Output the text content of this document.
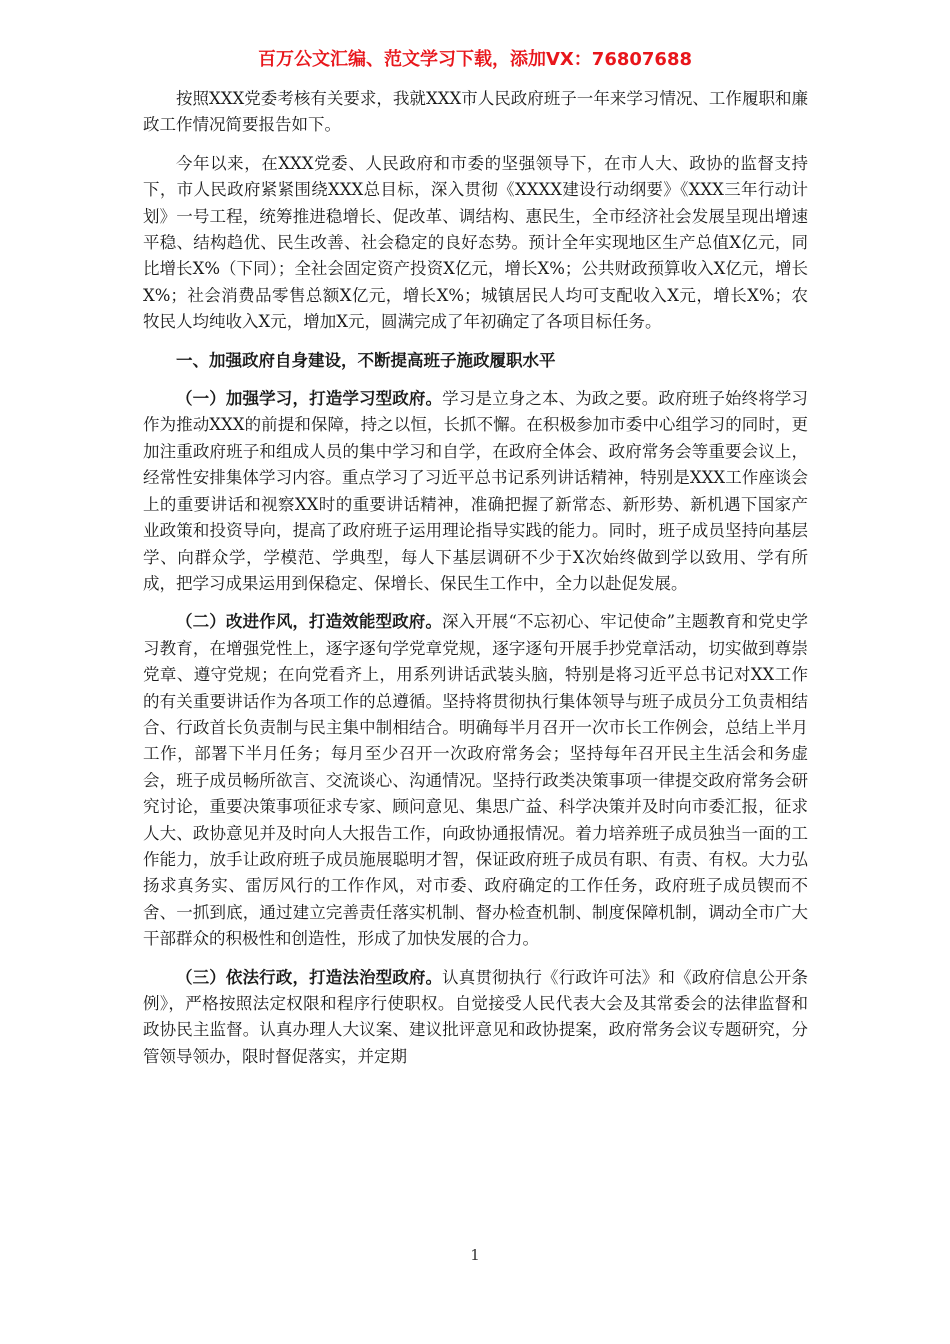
百万公文汇编、范文学习下载，添加VX：76807688

按照XXX党委考核有关要求，我就XXX市人民政府班子一年来学习情况、工作履职和廉政工作情况简要报告如下。

今年以来，在XXX党委、人民政府和市委的坚强领导下，在市人大、政协的监督支持下，市人民政府紧紧围绕XXX总目标，深入贯彻《XXXX建设行动纲要》《XXX三年行动计划》一号工程，统筹推进稳增长、促改革、调结构、惠民生，全市经济社会发展呈现出增速平稳、结构趋优、民生改善、社会稳定的良好态势。预计全年实现地区生产总值X亿元，同比增长X%（下同）；全社会固定资产投资X亿元，增长X%；公共财政预算收入X亿元，增长X%；社会消费品零售总额X亿元，增长X%；城镇居民人均可支配收入X元，增长X%；农牧民人均纯收入X元，增加X元，圆满完成了年初确定了各项目标任务。

一、加强政府自身建设，不断提高班子施政履职水平

（一）加强学习，打造学习型政府。学习是立身之本、为政之要。政府班子始终将学习作为推动XXX的前提和保障，持之以恒，长抓不懈。在积极参加市委中心组学习的同时，更加注重政府班子和组成人员的集中学习和自学，在政府全体会、政府常务会等重要会议上，经常性安排集体学习内容。重点学习了习近平总书记系列讲话精神，特别是XXX工作座谈会上的重要讲话和视察XX时的重要讲话精神，准确把握了新常态、新形势、新机遇下国家产业政策和投资导向，提高了政府班子运用理论指导实践的能力。同时，班子成员坚持向基层学、向群众学，学模范、学典型，每人下基层调研不少于X次始终做到学以致用、学有所成，把学习成果运用到保稳定、保增长、保民生工作中，全力以赴促发展。

（二）改进作风，打造效能型政府。深入开展“不忘初心、牢记使命”主题教育和党史学习教育，在增强党性上，逐字逐句学党章党规，逐字逐句开展手抄党章活动，切实做到尊崇党章、遵守党规；在向党看齐上，用系列讲话武装头脑，特别是将习近平总书记对XX工作的有关重要讲话作为各项工作的总遵循。坚持将贯彻执行集体领导与班子成员分工负责相结合、行政首长负责制与民主集中制相结合。明确每半月召开一次市长工作例会，总结上半月工作，部署下半月任务；每月至少召开一次政府常务会；坚持每年召开民主生活会和务虚会，班子成员畅所欲言、交流谈心、沟通情况。坚持行政类决策事项一律提交政府常务会研究讨论，重要决策事项征求专家、顾问意见、集思广益、科学决策并及时向市委汇报，征求人大、政协意见并及时向人大报告工作，向政协通报情况。着力培养班子成员独当一面的工作能力，放手让政府班子成员施展聪明才智，保证政府班子成员有职、有责、有权。大力弘扬求真务实、雷厉风行的工作作风，对市委、政府确定的工作任务，政府班子成员锲而不舍、一抓到底，通过建立完善责任落实机制、督办检查机制、制度保障机制，调动全市广大干部群众的积极性和创造性，形成了加快发展的合力。

（三）依法行政，打造法治型政府。认真贯彻执行《行政许可法》和《政府信息公开条例》，严格按照法定权限和程序行使职权。自觉接受人民代表大会及其常委会的法律监督和政协民主监督。认真办理人大议案、建议批评意见和政协提案，政府常务会议专题研究，分管领导领办，限时督促落实，并定期

1
